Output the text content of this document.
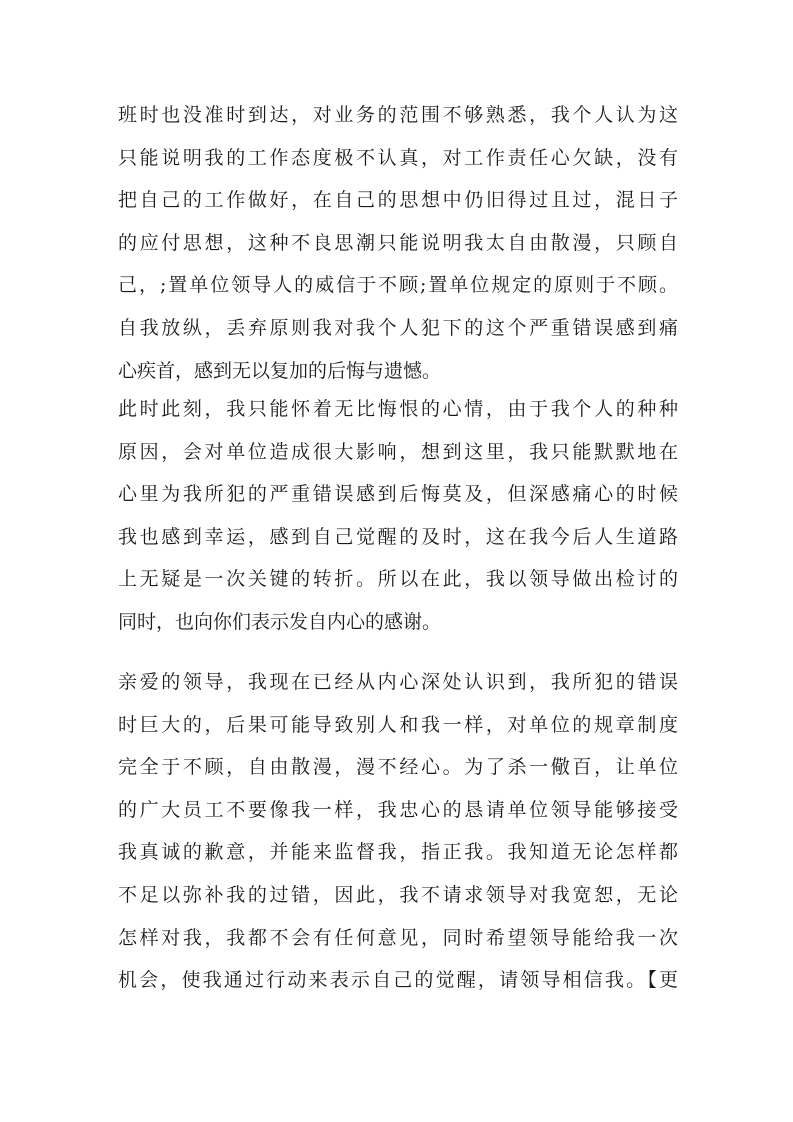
班时也没准时到达，对业务的范围不够熟悉，我个人认为这
只能说明我的工作态度极不认真，对工作责任心欠缺，没有
把自己的工作做好，在自己的思想中仍旧得过且过，混日子
的应付思想，这种不良思潮只能说明我太自由散漫，只顾自
己，;置单位领导人的威信于不顾;置单位规定的原则于不顾。
自我放纵，丢弃原则我对我个人犯下的这个严重错误感到痛
心疾首，感到无以复加的后悔与遗憾。
此时此刻，我只能怀着无比悔恨的心情，由于我个人的种种
原因，会对单位造成很大影响，想到这里，我只能默默地在
心里为我所犯的严重错误感到后悔莫及，但深感痛心的时候
我也感到幸运，感到自己觉醒的及时，这在我今后人生道路
上无疑是一次关键的转折。所以在此，我以领导做出检讨的
同时，也向你们表示发自内心的感谢。
亲爱的领导，我现在已经从内心深处认识到，我所犯的错误
时巨大的，后果可能导致别人和我一样，对单位的规章制度
完全于不顾，自由散漫，漫不经心。为了杀一儆百，让单位
的广大员工不要像我一样，我忠心的恳请单位领导能够接受
我真诚的歉意，并能来监督我，指正我。我知道无论怎样都
不足以弥补我的过错，因此，我不请求领导对我宽恕，无论
怎样对我，我都不会有任何意见，同时希望领导能给我一次
机会，使我通过行动来表示自己的觉醒，请领导相信我。【更
